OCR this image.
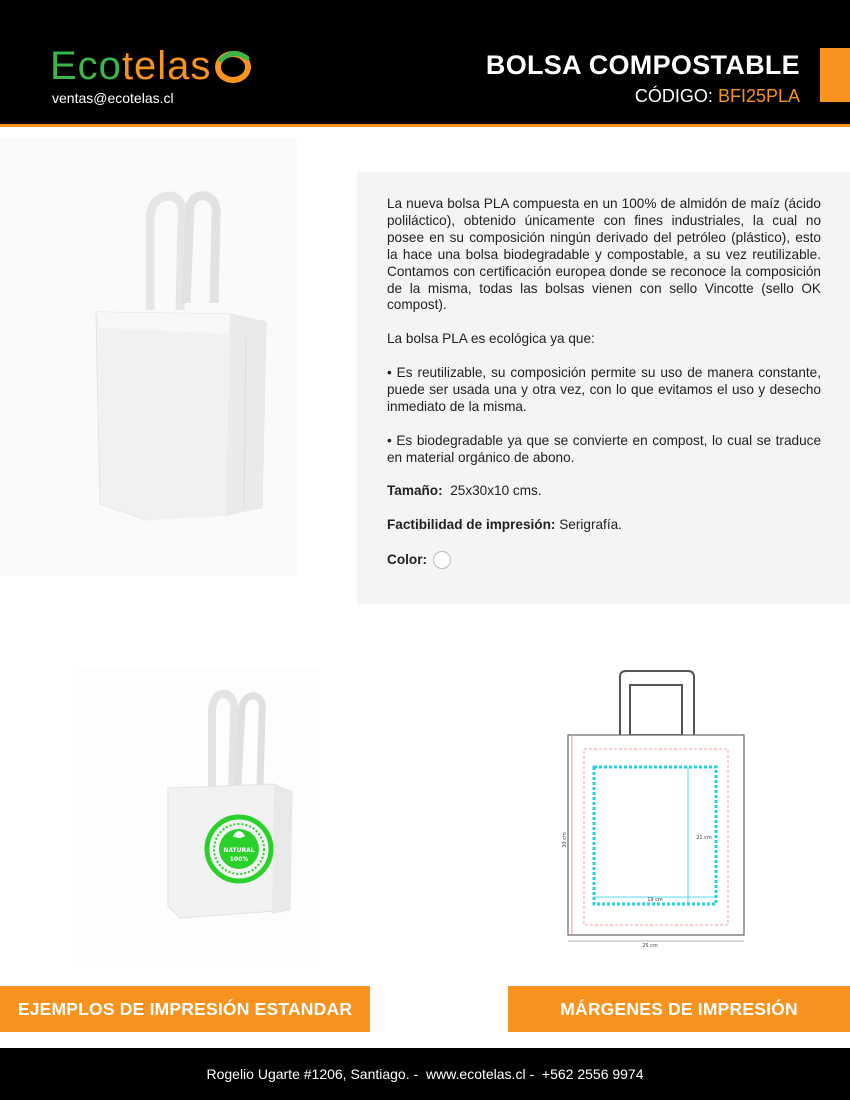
Eco telas
ventas@ecotelas.cl
BOLSA COMPOSTABLE
CÓDIGO: BFI25PLA

La nueva bolsa PLA compuesta en un 100% de almidón de maíz (ácido poliláctico), obtenido únicamente con fines industriales, la cual no posee en su composición ningún derivado del petróleo (plástico), esto la hace una bolsa biodegradable y compostable, a su vez reutilizable. Contamos con certificación europea donde se reconoce la composición de la misma, todas las bolsas vienen con sello Vincotte (sello OK compost).

La bolsa PLA es ecológica ya que:

• Es reutilizable, su composición permite su uso de manera constante, puede ser usada una y otra vez, con lo que evitamos el uso y desecho inmediato de la misma.

• Es biodegradable ya que se convierte en compost, lo cual se traduce en material orgánico de abono.

Tamaño: 25x30x10 cms.

Factibilidad de impresión: Serigrafía.

Color:

NATURAL
100%
25 cm
19 cm
21 cm
30 cm
EJEMPLOS DE IMPRESIÓN ESTANDAR	MÁRGENES DE IMPRESIÓN
Rogelio Ugarte #1206, Santiago. - www.ecotelas.cl - +562 2556 9974
